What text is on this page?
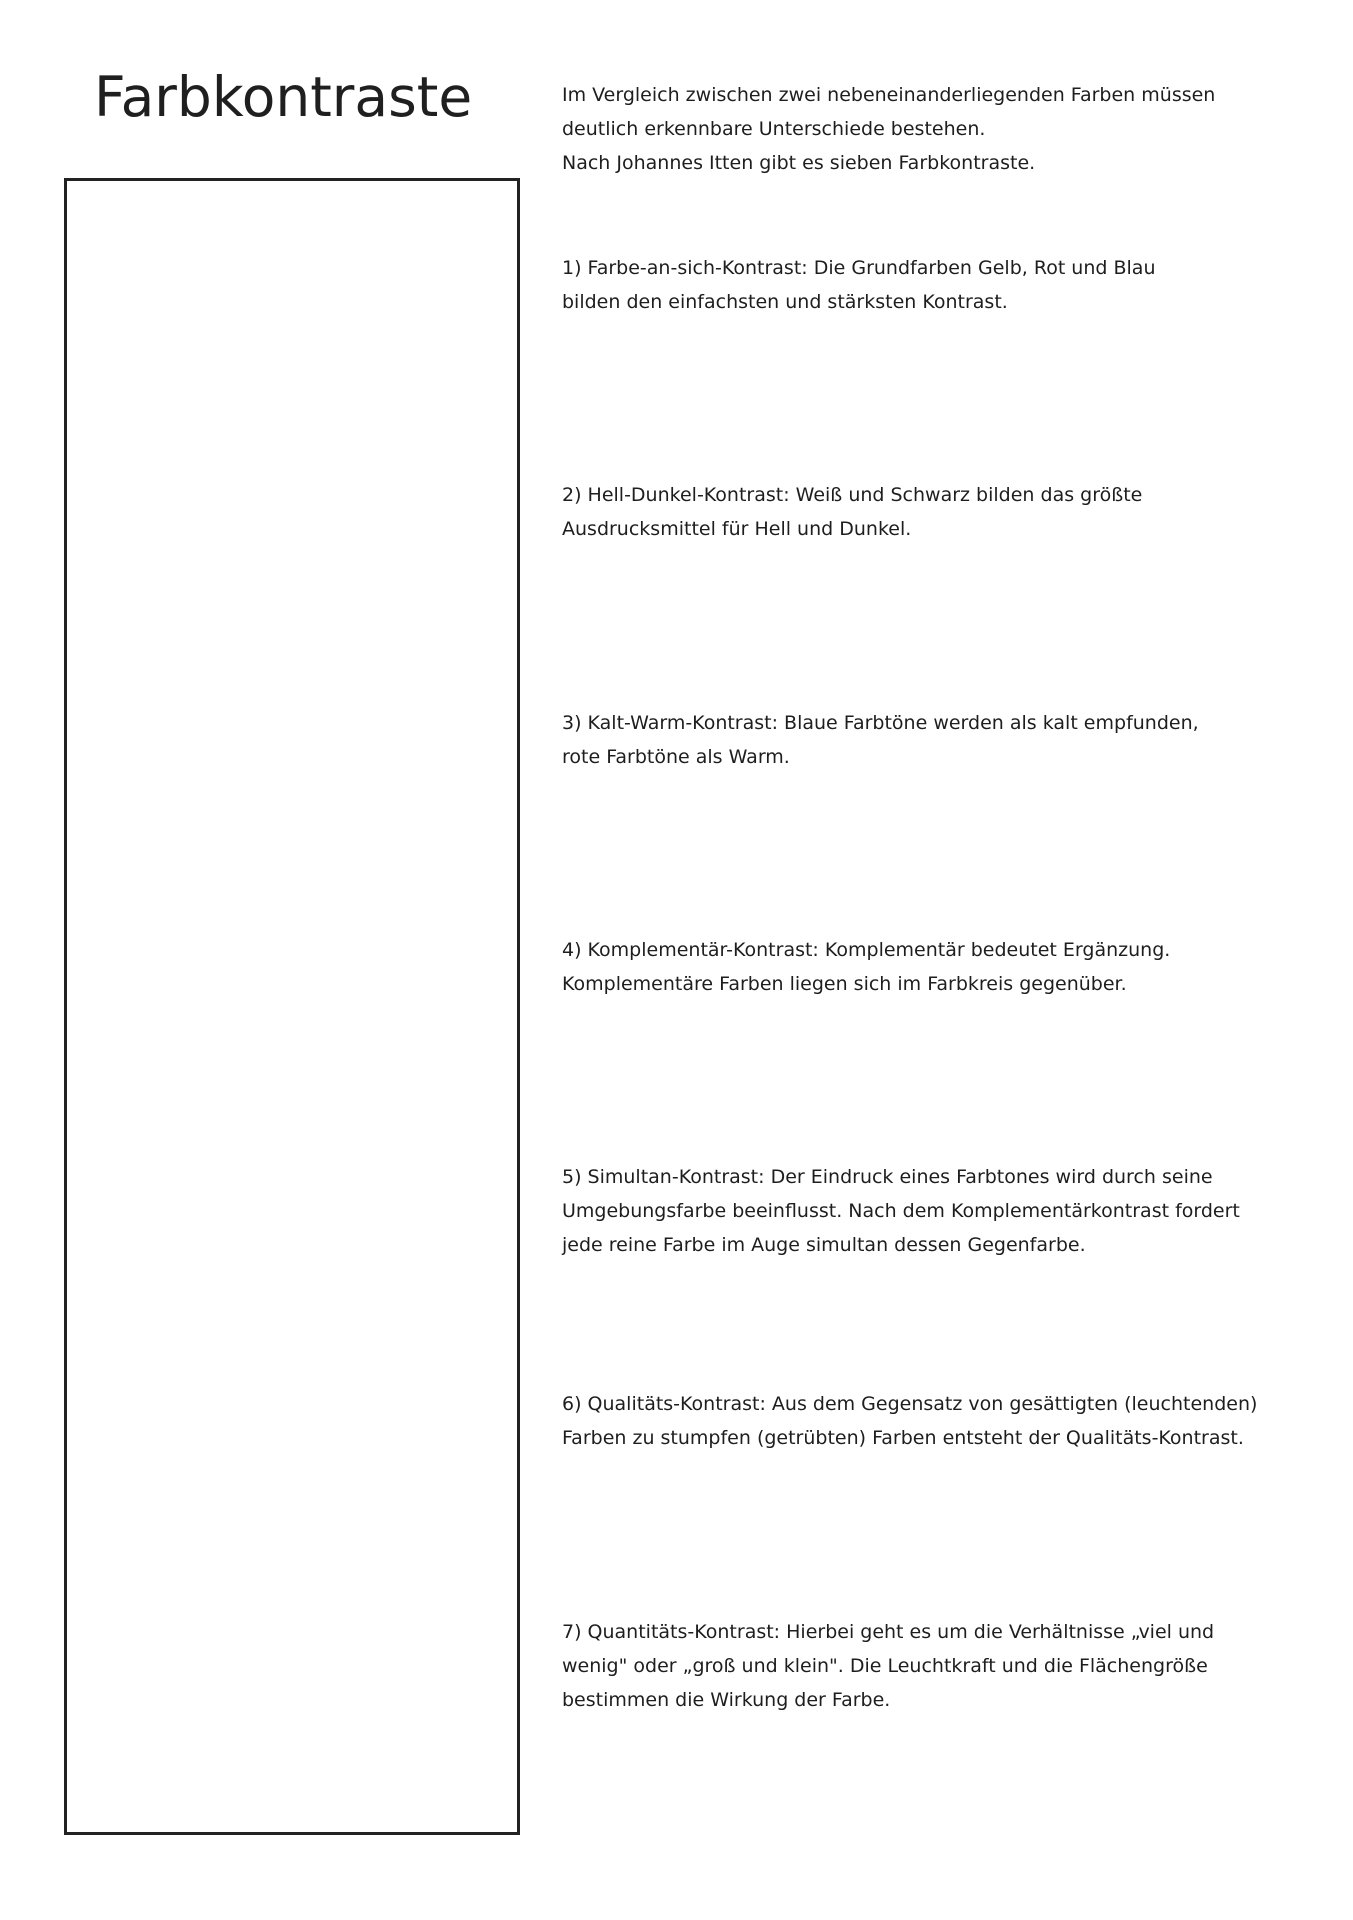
Farbkontraste	Im Vergleich zwischen zwei nebeneinanderliegenden Farben müssen
deutlich erkennbare Unterschiede bestehen.
Nach Johannes Itten gibt es sieben Farbkontraste.
1) Farbe-an-sich-Kontrast: Die Grundfarben Gelb, Rot und Blau
bilden den einfachsten und stärksten Kontrast.
2) Hell-Dunkel-Kontrast: Weiß und Schwarz bilden das größte
Ausdrucksmittel für Hell und Dunkel.
3) Kalt-Warm-Kontrast: Blaue Farbtöne werden als kalt empfunden,
rote Farbtöne als Warm.
4) Komplementär-Kontrast: Komplementär bedeutet Ergänzung.
Komplementäre Farben liegen sich im Farbkreis gegenüber.
5) Simultan-Kontrast: Der Eindruck eines Farbtones wird durch seine
Umgebungsfarbe beeinflusst. Nach dem Komplementärkontrast fordert
jede reine Farbe im Auge simultan dessen Gegenfarbe.
6) Qualitäts-Kontrast: Aus dem Gegensatz von gesättigten (leuchtenden)
Farben zu stumpfen (getrübten) Farben entsteht der Qualitäts-Kontrast.
7) Quantitäts-Kontrast: Hierbei geht es um die Verhältnisse „viel und
wenig" oder „groß und klein". Die Leuchtkraft und die Flächengröße
bestimmen die Wirkung der Farbe.
